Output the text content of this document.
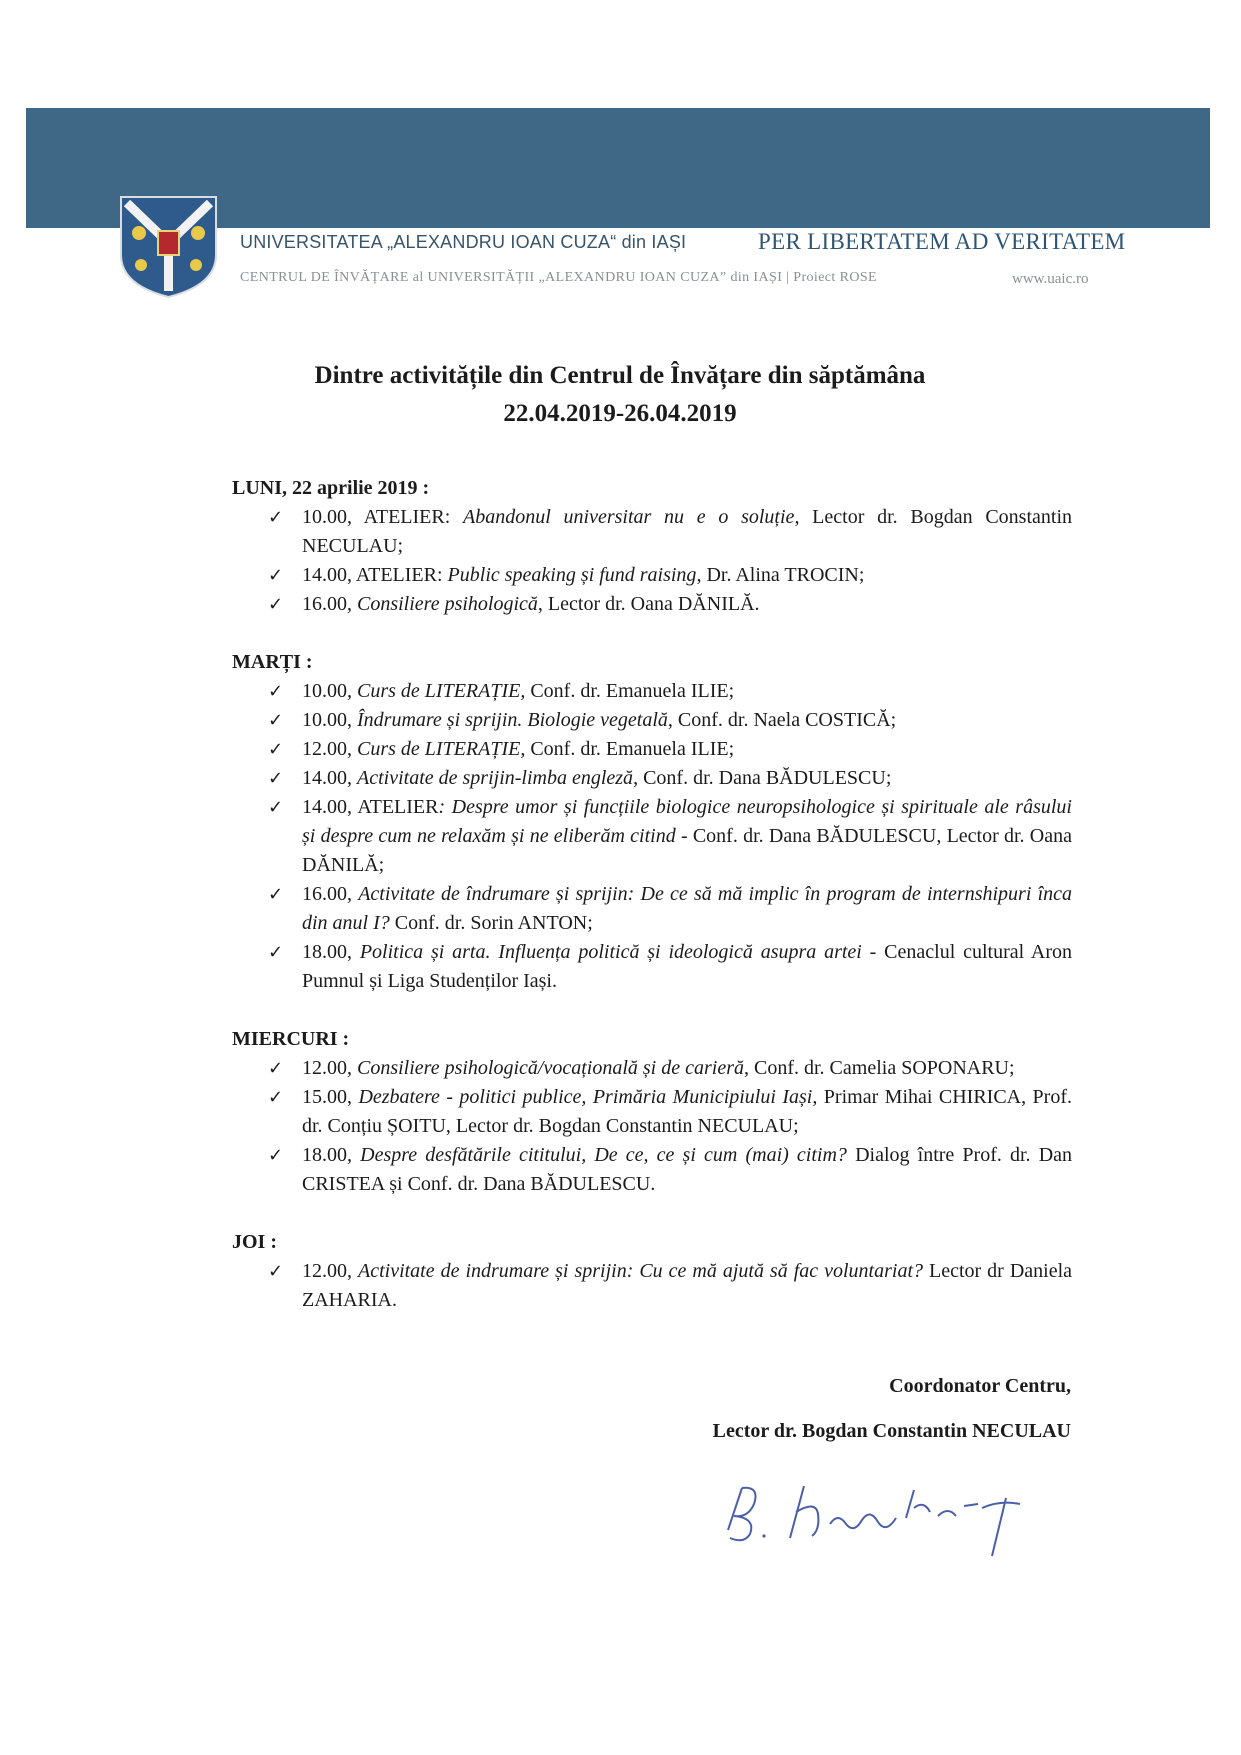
UNIVERSITATEA „ALEXANDRU IOAN CUZA“ din IAȘI	PER LIBERTATEM AD VERITATEM
CENTRUL DE ÎNVĂȚARE al UNIVERSITĂȚII „ALEXANDRU IOAN CUZA” din IAȘI | Proiect ROSE	www.uaic.ro
Dintre activitățile din Centrul de Învățare din săptămâna
22.04.2019-26.04.2019
LUNI, 22 aprilie 2019 :
✓ 10.00, ATELIER: Abandonul universitar nu e o soluție, Lector dr. Bogdan Constantin NECULAU;
✓ 14.00, ATELIER: Public speaking și fund raising, Dr. Alina TROCIN;
✓ 16.00, Consiliere psihologică, Lector dr. Oana DĂNILĂ.
MARȚI :
✓ 10.00, Curs de LITERAȚIE, Conf. dr. Emanuela ILIE;
✓ 10.00, Îndrumare și sprijin. Biologie vegetală, Conf. dr. Naela COSTICĂ;
✓ 12.00, Curs de LITERAȚIE, Conf. dr. Emanuela ILIE;
✓ 14.00, Activitate de sprijin-limba engleză, Conf. dr. Dana BĂDULESCU;
✓ 14.00, ATELIER: Despre umor și funcțiile biologice neuropsihologice și spirituale ale râsului și despre cum ne relaxăm și ne eliberăm citind - Conf. dr. Dana BĂDULESCU, Lector dr. Oana DĂNILĂ;
✓ 16.00, Activitate de îndrumare și sprijin: De ce să mă implic în program de internshipuri înca din anul I? Conf. dr. Sorin ANTON;
✓ 18.00, Politica și arta. Influența politică și ideologică asupra artei - Cenaclul cultural Aron Pumnul și Liga Studenților Iași.
MIERCURI :
✓ 12.00, Consiliere psihologică/vocațională și de carieră, Conf. dr. Camelia SOPONARU;
✓ 15.00, Dezbatere - politici publice, Primăria Municipiului Iași, Primar Mihai CHIRICA, Prof. dr. Conțiu ȘOITU, Lector dr. Bogdan Constantin NECULAU;
✓ 18.00, Despre desfătările cititului, De ce, ce și cum (mai) citim? Dialog între Prof. dr. Dan CRISTEA și Conf. dr. Dana BĂDULESCU.
JOI :
✓ 12.00, Activitate de indrumare și sprijin: Cu ce mă ajută să fac voluntariat? Lector dr Daniela ZAHARIA.
Coordonator Centru,
Lector dr. Bogdan Constantin NECULAU
